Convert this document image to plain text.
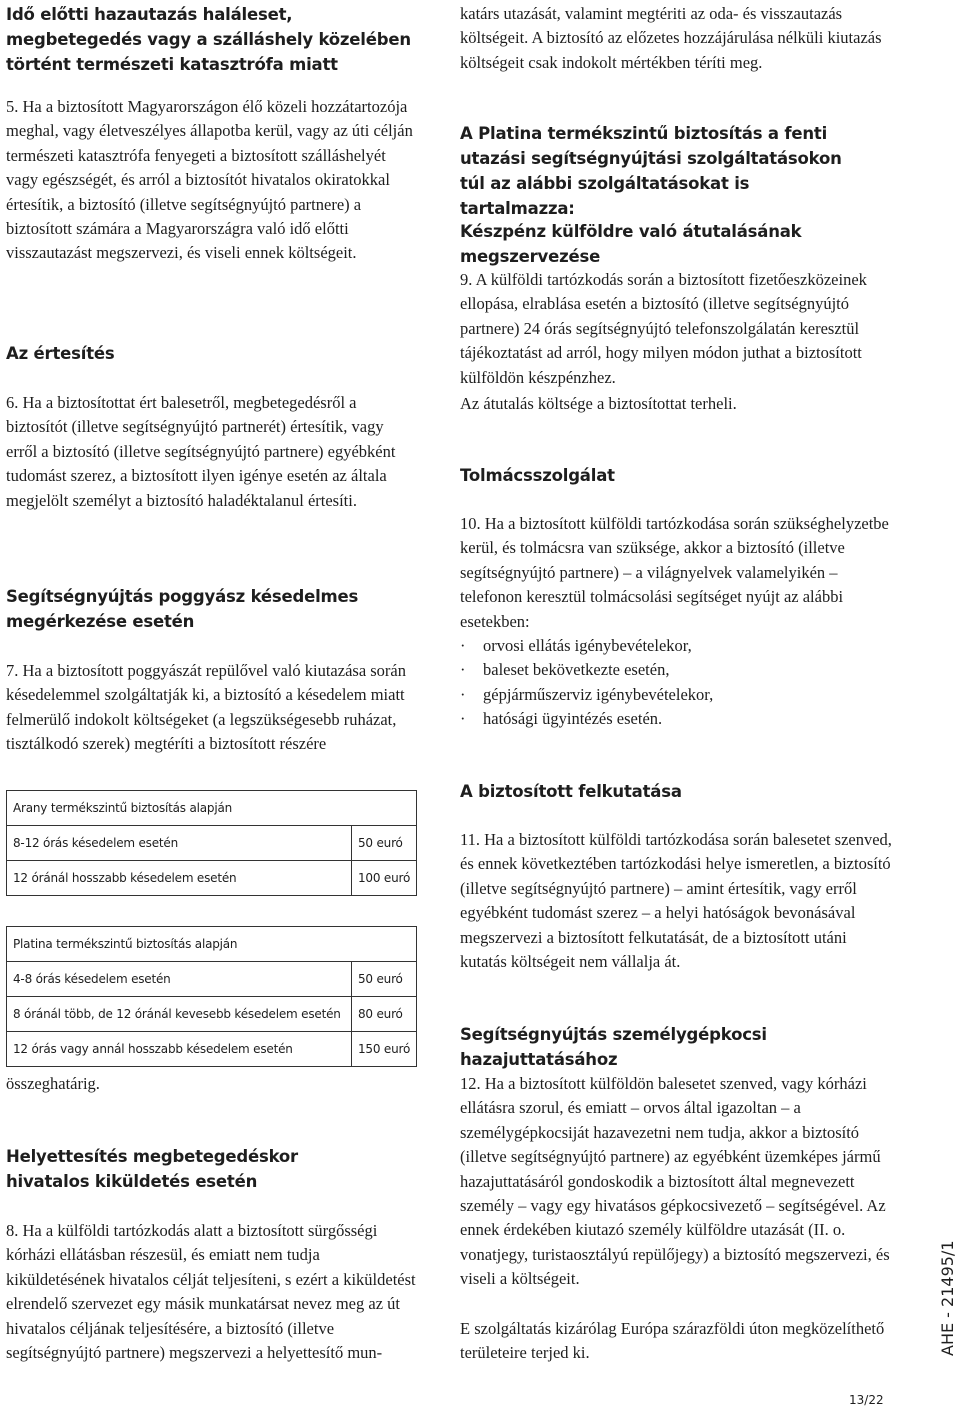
Idő előtti hazautazás haláleset, megbetegedés vagy a szálláshely közelében történt természeti katasztrófa miatt

5. Ha a biztosított Magyarországon élő közeli hozzátartozója meghal, vagy életveszélyes állapotba kerül, vagy az úti célján természeti katasztrófa fenyegeti a biztosított szálláshelyét vagy egészségét, és arról a biztosítót hivatalos okiratokkal értesítik, a biztosító (illetve segítségnyújtó partnere) a biztosított számára a Magyarországra való idő előtti visszautazást megszervezi, és viseli ennek költségeit.

Az értesítés

6. Ha a biztosítottat ért balesetről, megbetegedésről a biztosítót (illetve segítségnyújtó partnerét) értesítik, vagy erről a biztosító (illetve segítségnyújtó partnere) egyébként tudomást szerez, a biztosított ilyen igénye esetén az általa megjelölt személyt a biztosító haladéktalanul értesíti.

Segítségnyújtás poggyász késedelmes megérkezése esetén

7. Ha a biztosított poggyászát repülővel való kiutazása során késedelemmel szolgáltatják ki, a biztosító a késedelem miatt felmerülő indokolt költségeket (a legszükségesebb ruházat, tisztálkodó szerek) megtéríti a biztosított részére

Arany termékszintű biztosítás alapján	
8-12 órás késedelem esetén	50 euró
12 óránál hosszabb késedelem esetén	100 euró
Platina termékszintű biztosítás alapján	
4-8 órás késedelem esetén	50 euró
8 óránál több, de 12 óránál kevesebb késedelem esetén	80 euró
12 órás vagy annál hosszabb késedelem esetén	150 euró

összeghatárig.

Helyettesítés megbetegedéskor hivatalos kiküldetés esetén

8. Ha a külföldi tartózkodás alatt a biztosított sürgősségi kórházi ellátásban részesül, és emiatt nem tudja kiküldetésének hivatalos célját teljesíteni, s ezért a kiküldetést elrendelő szervezet egy másik munkatársat nevez meg az út hivatalos céljának teljesítésére, a biztosító (illetve segítségnyújtó partnere) megszervezi a helyettesítő mun-

katárs utazását, valamint megtériti az oda- és visszautazás költségeit. A biztosító az előzetes hozzájárulása nélküli kiutazás költségeit csak indokolt mértékben téríti meg.

A Platina termékszintű biztosítás a fenti utazási segítségnyújtási szolgáltatásokon túl az alábbi szolgáltatásokat is tartalmazza:
Készpénz külföldre való átutalásának megszervezése

9. A külföldi tartózkodás során a biztosított fizetőeszközeinek ellopása, elrablása esetén a biztosító (illetve segítségnyújtó partnere) 24 órás segítségnyújtó telefonszolgálatán keresztül tájékoztatást ad arról, hogy milyen módon juthat a biztosított külföldön készpénzhez.

Az átutalás költsége a biztosítottat terheli.

Tolmácsszolgálat

10. Ha a biztosított külföldi tartózkodása során szükséghelyzetbe kerül, és tolmácsra van szüksége, akkor a biztosító (illetve segítségnyújtó partnere) – a világnyelvek valamelyikén – telefonon keresztül tolmácsolási segítséget nyújt az alábbi esetekben:

· orvosi ellátás igénybevételekor,
· baleset bekövetkezte esetén,
· gépjárműszerviz igénybevételekor,
· hatósági ügyintézés esetén.
A biztosított felkutatása

11. Ha a biztosított külföldi tartózkodása során balesetet szenved, és ennek következtében tartózkodási helye ismeretlen, a biztosító (illetve segítségnyújtó partnere) – amint értesítik, vagy erről egyébként tudomást szerez – a helyi hatóságok bevonásával megszervezi a biztosított felkutatását, de a biztosított utáni kutatás költségeit nem vállalja át.

Segítségnyújtás személygépkocsi hazajuttatásához

12. Ha a biztosított külföldön balesetet szenved, vagy kórházi ellátásra szorul, és emiatt – orvos által igazoltan – a személygépkocsiját hazavezetni nem tudja, akkor a biztosító (illetve segítségnyújtó partnere) az egyébként üzemképes jármű hazajuttatásáról gondoskodik a biztosított által megnevezett személy – vagy egy hivatásos gépkocsivezető – segítségével. Az ennek érdekében kiutazó személy külföldre utazását (II. o. vonatjegy, turistaosztályú repülőjegy) a biztosító megszervezi, és viseli a költségeit.

E szolgáltatás kizárólag Európa szárazföldi úton megközelíthető területeire terjed ki.	AHE - 21495/1
13/22
